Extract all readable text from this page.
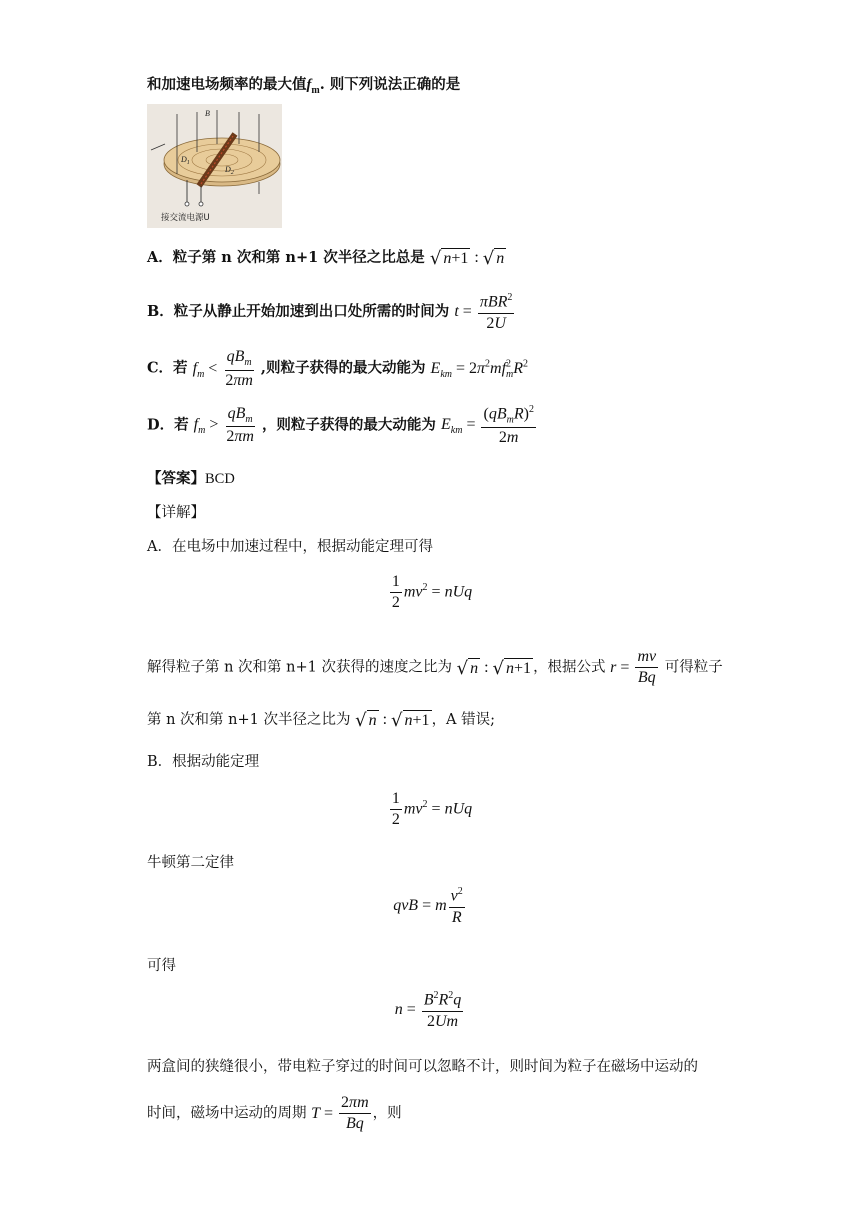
和加速电场频率的最大值$f_m$. 则下列说法正确的是
B
$D_1$
$D_2$
接交流电源U
A．粒子第 n 次和第 n+1 次半径之比总是 √ n+1 : √ n
B．粒子从静止开始加速到出口处所需的时间为 $t = \frac{\pi BR^2}{2U}$
C．若 $f_m < \frac{qB_m}{2\pi m}$ ,则粒子获得的最大动能为 $E_{km} = 2\pi^2mf^2_mR^2$
D．若 $f_m > \frac{qB_m}{2\pi m}$ ，则粒子获得的最大动能为 $E_{km} = \frac{(qB_mR)^2}{2m}$
【答案】BCD
【详解】
A．在电场中加速过程中，根据动能定理可得
$\frac{1}{2} mv^2$ = nUq
解得粒子第 n 次和第 n+1 次获得的速度之比为 √ n : √ n+1 ，根据公式 $r = \frac{mv}{Bq}$ 可得粒子
第 n 次和第 n+1 次半径之比为 √ n : √ n+1 ，A 错误;
B．根据动能定理
$\frac{1}{2} mv^2$ = nUq
牛顿第二定律
qvB = m $\frac{v^2}{R}$
可得
$n = \frac{B^2R^2q}{2Um}$
两盒间的狭缝很小，带电粒子穿过的时间可以忽略不计，则时间为粒子在磁场中运动的
时间，磁场中运动的周期 $T = \frac{2\pi m}{Bq}$ ，则
